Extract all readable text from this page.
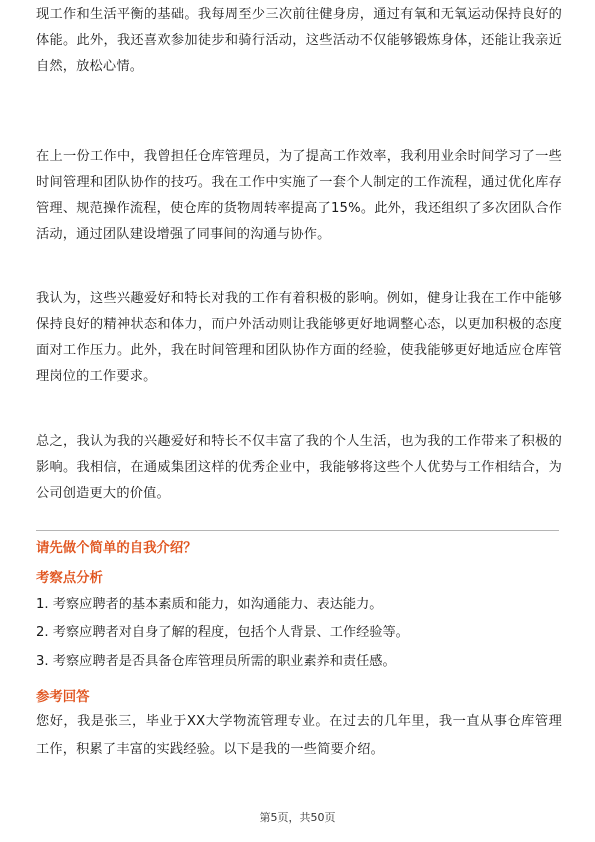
现工作和生活平衡的基础。我每周至少三次前往健身房，通过有氧和无氧运动保持良好的体能。此外，我还喜欢参加徒步和骑行活动，这些活动不仅能够锻炼身体，还能让我亲近自然，放松心情。

在上一份工作中，我曾担任仓库管理员，为了提高工作效率，我利用业余时间学习了一些时间管理和团队协作的技巧。我在工作中实施了一套个人制定的工作流程，通过优化库存管理、规范操作流程，使仓库的货物周转率提高了15%。此外，我还组织了多次团队合作活动，通过团队建设增强了同事间的沟通与协作。

我认为，这些兴趣爱好和特长对我的工作有着积极的影响。例如，健身让我在工作中能够保持良好的精神状态和体力，而户外活动则让我能够更好地调整心态，以更加积极的态度面对工作压力。此外，我在时间管理和团队协作方面的经验，使我能够更好地适应仓库管理岗位的工作要求。

总之，我认为我的兴趣爱好和特长不仅丰富了我的个人生活，也为我的工作带来了积极的影响。我相信，在通威集团这样的优秀企业中，我能够将这些个人优势与工作相结合，为公司创造更大的价值。

请先做个简单的自我介绍？
考察点分析

1. 考察应聘者的基本素质和能力，如沟通能力、表达能力。

2. 考察应聘者对自身了解的程度，包括个人背景、工作经验等。

3. 考察应聘者是否具备仓库管理员所需的职业素养和责任感。

参考回答

您好，我是张三，毕业于XX大学物流管理专业。在过去的几年里，我一直从事仓库管理工作，积累了丰富的实践经验。以下是我的一些简要介绍。

第5页，共50页
